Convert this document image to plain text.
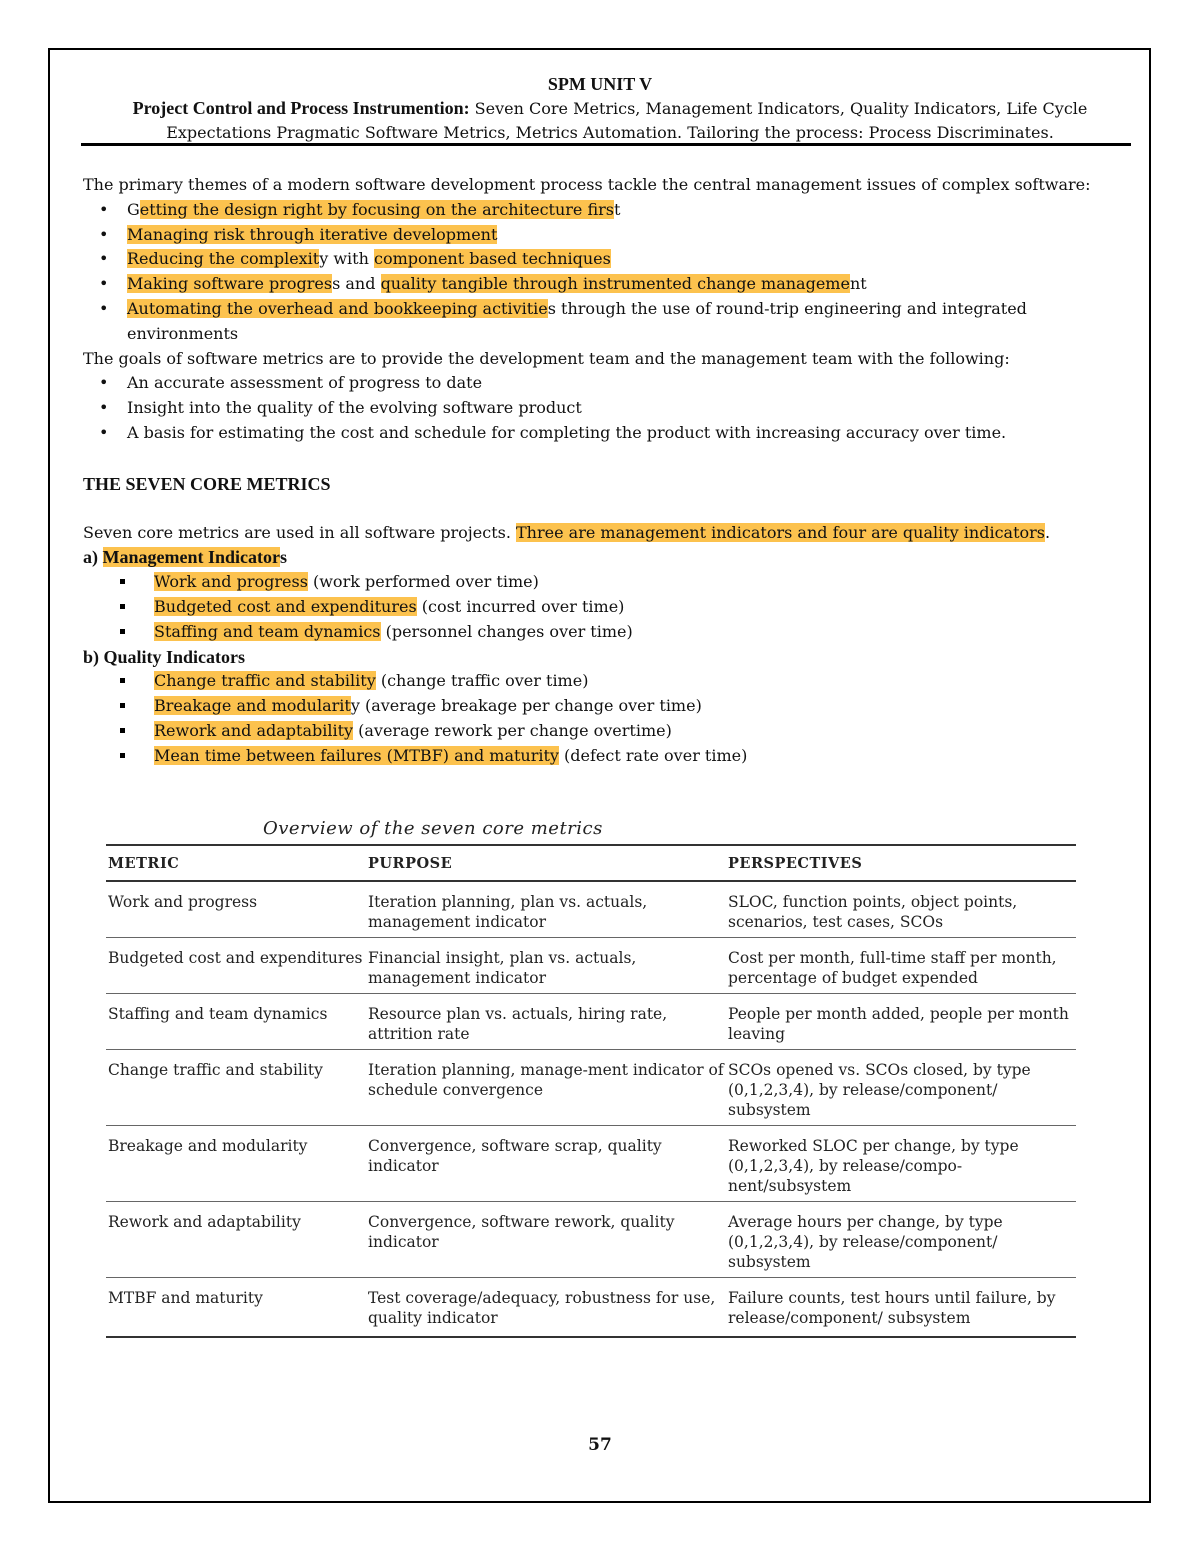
SPM UNIT V
Project Control and Process Instrumention: Seven Core Metrics, Management Indicators, Quality Indicators, Life Cycle Expectations Pragmatic Software Metrics, Metrics Automation. Tailoring the process: Process Discriminates.

The primary themes of a modern software development process tackle the central management issues of complex software:

• Getting the design right by focusing on the architecture first
• Managing risk through iterative development
• Reducing the complexity with component based techniques
• Making software progress and quality tangible through instrumented change management
• Automating the overhead and bookkeeping activities through the use of round-trip engineering and integrated environments

The goals of software metrics are to provide the development team and the management team with the following:

• An accurate assessment of progress to date
• Insight into the quality of the evolving software product
• A basis for estimating the cost and schedule for completing the product with increasing accuracy over time.

THE SEVEN CORE METRICS

Seven core metrics are used in all software projects. Three are management indicators and four are quality indicators.

a) Management Indicators

Work and progress (work performed over time)
Budgeted cost and expenditures (cost incurred over time)
Staffing and team dynamics (personnel changes over time)

b) Quality Indicators

Change traffic and stability (change traffic over time)
Breakage and modularity (average breakage per change over time)
Rework and adaptability (average rework per change overtime)
Mean time between failures (MTBF) and maturity (defect rate over time)
Overview of the seven core metrics
METRIC	PURPOSE	PERSPECTIVES
Work and progress	Iteration planning, plan vs. actuals, management indicator	SLOC, function points, object points, scenarios, test cases, SCOs
Budgeted cost and expenditures	Financial insight, plan vs. actuals, management indicator	Cost per month, full-time staff per month, percentage of budget expended
Staffing and team dynamics	Resource plan vs. actuals, hiring rate, attrition rate	People per month added, people per month leaving
Change traffic and stability	Iteration planning, manage-ment indicator of schedule convergence	SCOs opened vs. SCOs closed, by type (0,1,2,3,4), by release/component/ subsystem
Breakage and modularity	Convergence, software scrap, quality indicator	Reworked SLOC per change, by type (0,1,2,3,4), by release/compo-nent/subsystem
Rework and adaptability	Convergence, software rework, quality indicator	Average hours per change, by type (0,1,2,3,4), by release/component/ subsystem
MTBF and maturity	Test coverage/adequacy, robustness for use, quality indicator	Failure counts, test hours until failure, by release/component/ subsystem
57
